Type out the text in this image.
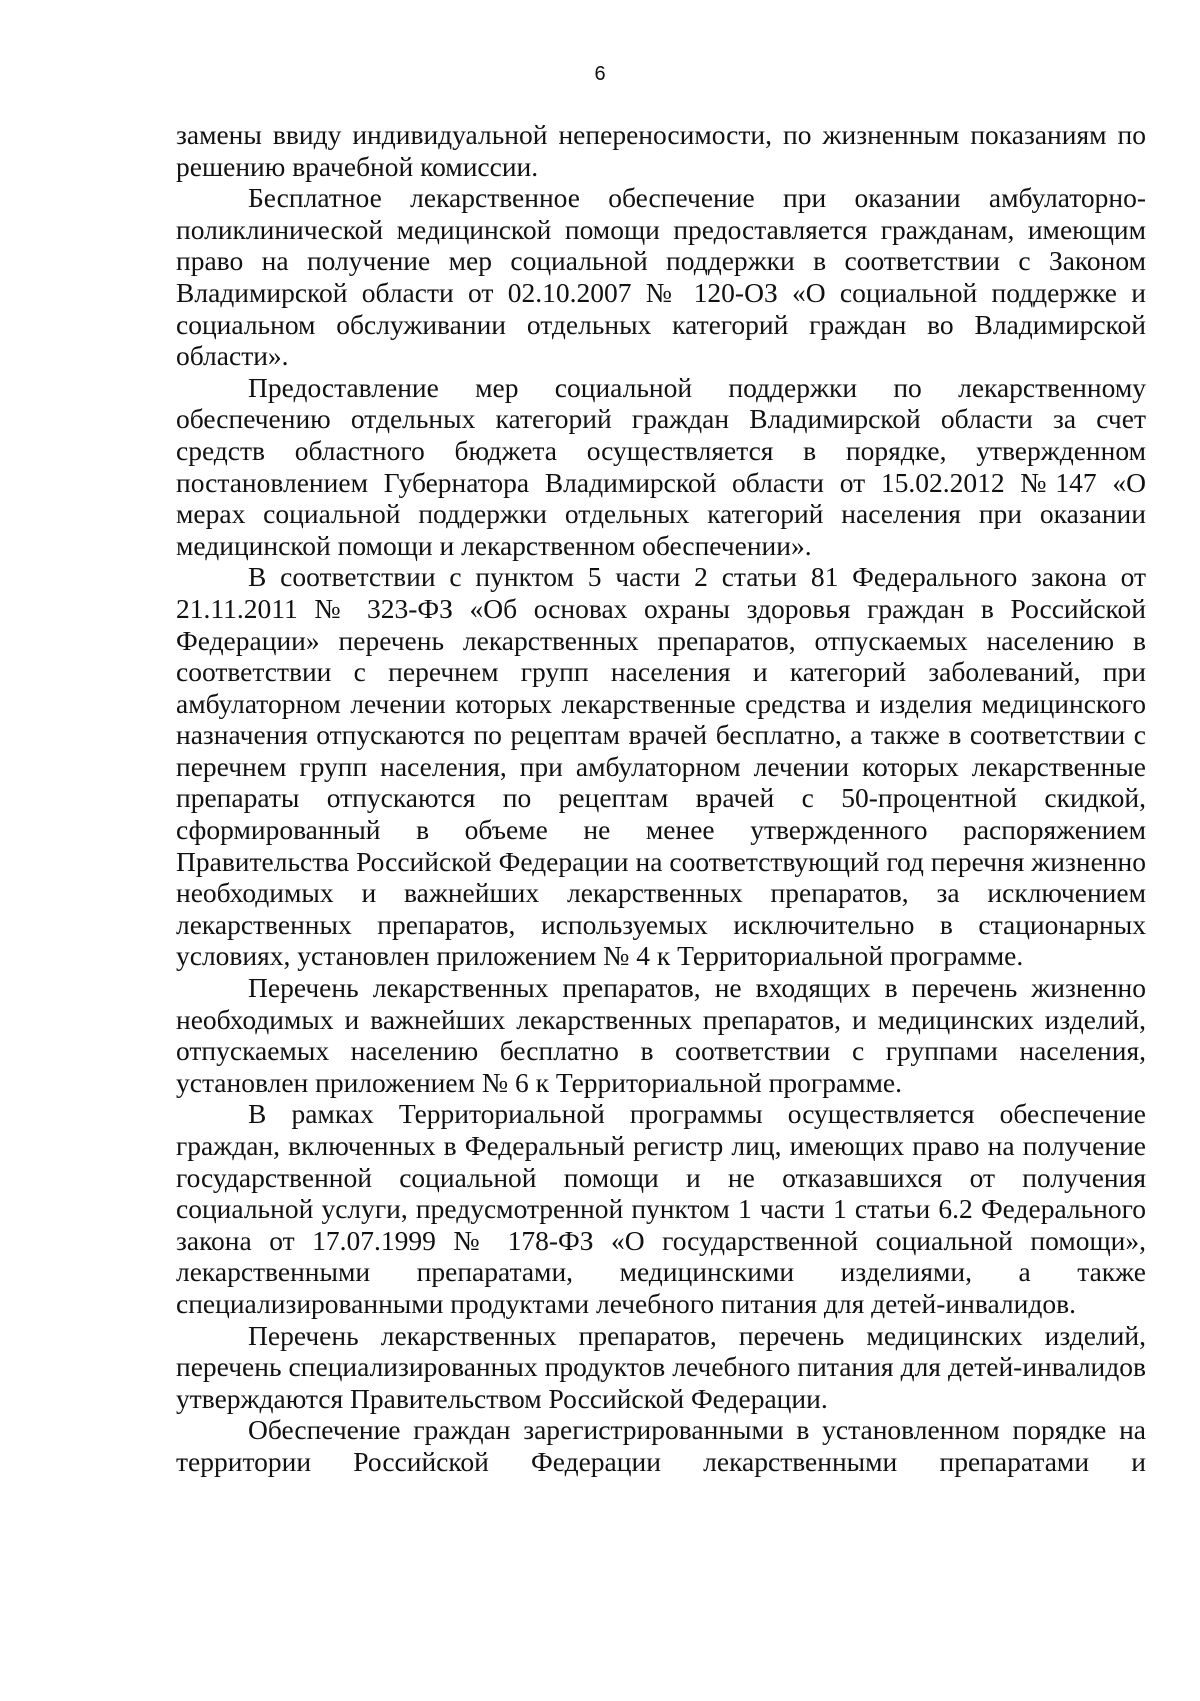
6

замены ввиду индивидуальной непереносимости, по жизненным показаниям по решению врачебной комиссии.

Бесплатное лекарственное обеспечение при оказании амбулаторно-поликлинической медицинской помощи предоставляется гражданам, имеющим право на получение мер социальной поддержки в соответствии с Законом Владимирской области от 02.10.2007 № 120-ОЗ «О социальной поддержке и социальном обслуживании отдельных категорий граждан во Владимирской области».

Предоставление мер социальной поддержки по лекарственному обеспечению отдельных категорий граждан Владимирской области за счет средств областного бюджета осуществляется в порядке, утвержденном постановлением Губернатора Владимирской области от 15.02.2012 №147 «О мерах социальной поддержки отдельных категорий населения при оказании медицинской помощи и лекарственном обеспечении».

В соответствии с пунктом 5 части 2 статьи 81 Федерального закона от 21.11.2011 № 323-ФЗ «Об основах охраны здоровья граждан в Российской Федерации» перечень лекарственных препаратов, отпускаемых населению в соответствии с перечнем групп населения и категорий заболеваний, при амбулаторном лечении которых лекарственные средства и изделия медицинского назначения отпускаются по рецептам врачей бесплатно, а также в соответствии с перечнем групп населения, при амбулаторном лечении которых лекарственные препараты отпускаются по рецептам врачей с 50-процентной скидкой, сформированный в объеме не менее утвержденного распоряжением Правительства Российской Федерации на соответствующий год перечня жизненно необходимых и важнейших лекарственных препаратов, за исключением лекарственных препаратов, используемых исключительно в стационарных условиях, установлен приложением № 4 к Территориальной программе.

Перечень лекарственных препаратов, не входящих в перечень жизненно необходимых и важнейших лекарственных препаратов, и медицинских изделий, отпускаемых населению бесплатно в соответствии с группами населения, установлен приложением № 6 к Территориальной программе.

В рамках Территориальной программы осуществляется обеспечение граждан, включенных в Федеральный регистр лиц, имеющих право на получение государственной социальной помощи и не отказавшихся от получения социальной услуги, предусмотренной пунктом 1 части 1 статьи 6.2 Федерального закона от 17.07.1999 № 178-ФЗ «О государственной социальной помощи», лекарственными препаратами, медицинскими изделиями, а также специализированными продуктами лечебного питания для детей-инвалидов.

Перечень лекарственных препаратов, перечень медицинских изделий, перечень специализированных продуктов лечебного питания для детей-инвалидов утверждаются Правительством Российской Федерации.

Обеспечение граждан зарегистрированными в установленном порядке на территории Российской Федерации лекарственными препаратами и
